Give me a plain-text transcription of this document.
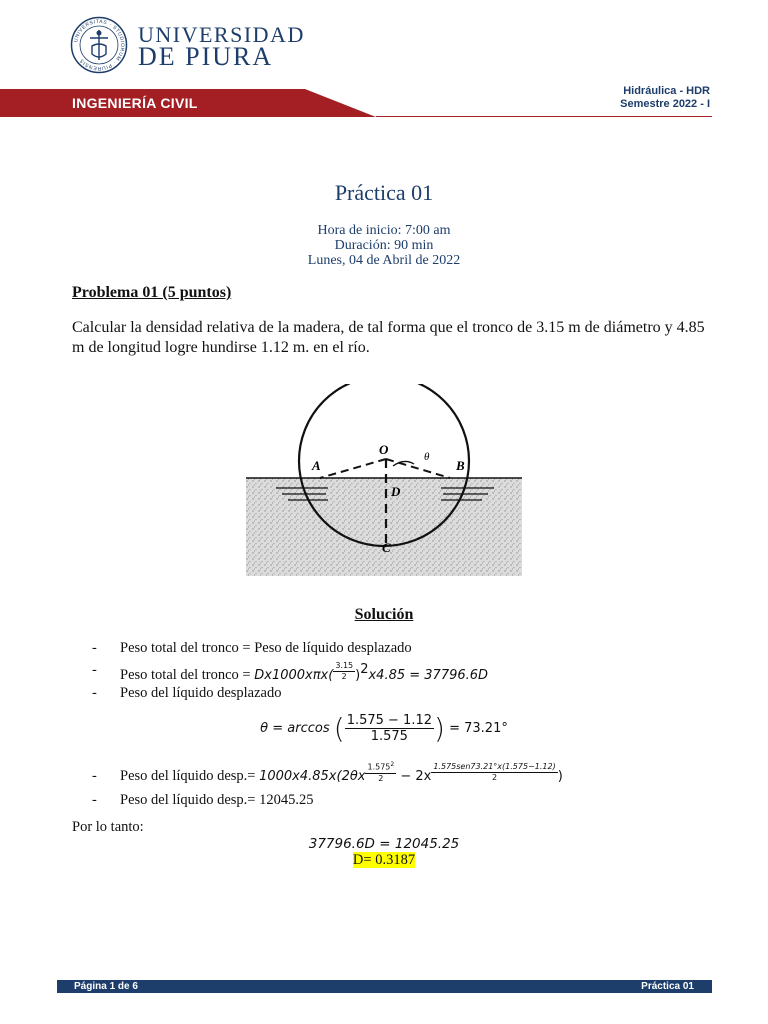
UNIVERSITAS · STUDIORUM · PIURENSIS
UNIVERSIDAD
DE PIURA
INGENIERÍA CIVIL
Hidráulica - HDR
Semestre 2022 - I
Práctica 01
Hora de inicio: 7:00 am
Duración: 90 min
Lunes, 04 de Abril de 2022
Problema 01 (5 puntos)
Calcular la densidad relativa de la madera, de tal forma que el tronco de 3.15 m de diámetro y 4.85 m de longitud logre hundirse 1.12 m. en el río.
O
A	B
D
C
θ
Solución
- Peso total del tronco = Peso de líquido desplazado
- Peso total del tronco = $Dx1000x\pi x( \frac{3.15}{2} )^2x4.85 = 37796.6D$
- Peso del líquido desplazado
θ = arccos ( $\frac{1.575 - 1.12}{1.575}$ ) = 73.21°
- Peso del líquido desp.= $1000x4.85x(2\theta x \frac{1.575^2}{2} - 2x \frac{\text{1.575sen73.21°x(1.575−1.12)}}{2}$ )
- Peso del líquido desp.= 12045.25
Por lo tanto:
37796.6D = 12045.25
D= 0.3187
Página 1 de 6	Práctica 01
